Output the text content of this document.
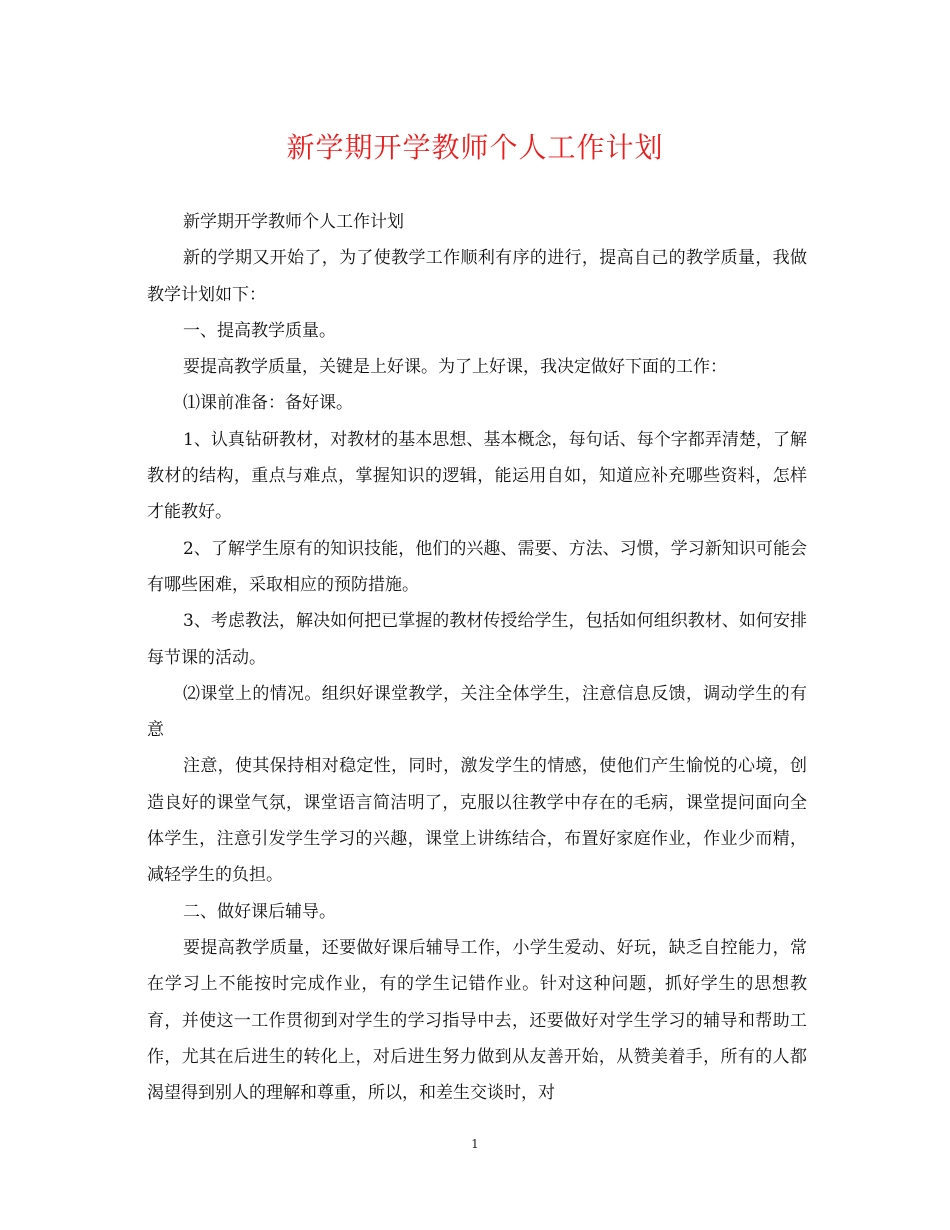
新学期开学教师个人工作计划

新学期开学教师个人工作计划

新的学期又开始了，为了使教学工作顺利有序的进行，提高自己的教学质量，我做教学计划如下：

一、提高教学质量。

要提高教学质量，关键是上好课。为了上好课，我决定做好下面的工作：

⑴课前准备：备好课。

1、认真钻研教材，对教材的基本思想、基本概念，每句话、每个字都弄清楚，了解教材的结构，重点与难点，掌握知识的逻辑，能运用自如，知道应补充哪些资料，怎样才能教好。

2、了解学生原有的知识技能，他们的兴趣、需要、方法、习惯，学习新知识可能会有哪些困难，采取相应的预防措施。

3、考虑教法，解决如何把已掌握的教材传授给学生，包括如何组织教材、如何安排每节课的活动。

⑵课堂上的情况。组织好课堂教学，关注全体学生，注意信息反馈，调动学生的有意

注意，使其保持相对稳定性，同时，激发学生的情感，使他们产生愉悦的心境，创造良好的课堂气氛，课堂语言简洁明了，克服以往教学中存在的毛病，课堂提问面向全体学生，注意引发学生学习的兴趣，课堂上讲练结合，布置好家庭作业，作业少而精，减轻学生的负担。

二、做好课后辅导。

要提高教学质量，还要做好课后辅导工作，小学生爱动、好玩，缺乏自控能力，常在学习上不能按时完成作业，有的学生记错作业。针对这种问题，抓好学生的思想教育，并使这一工作贯彻到对学生的学习指导中去，还要做好对学生学习的辅导和帮助工作，尤其在后进生的转化上，对后进生努力做到从友善开始，从赞美着手，所有的人都渴望得到别人的理解和尊重，所以，和差生交谈时，对

1
